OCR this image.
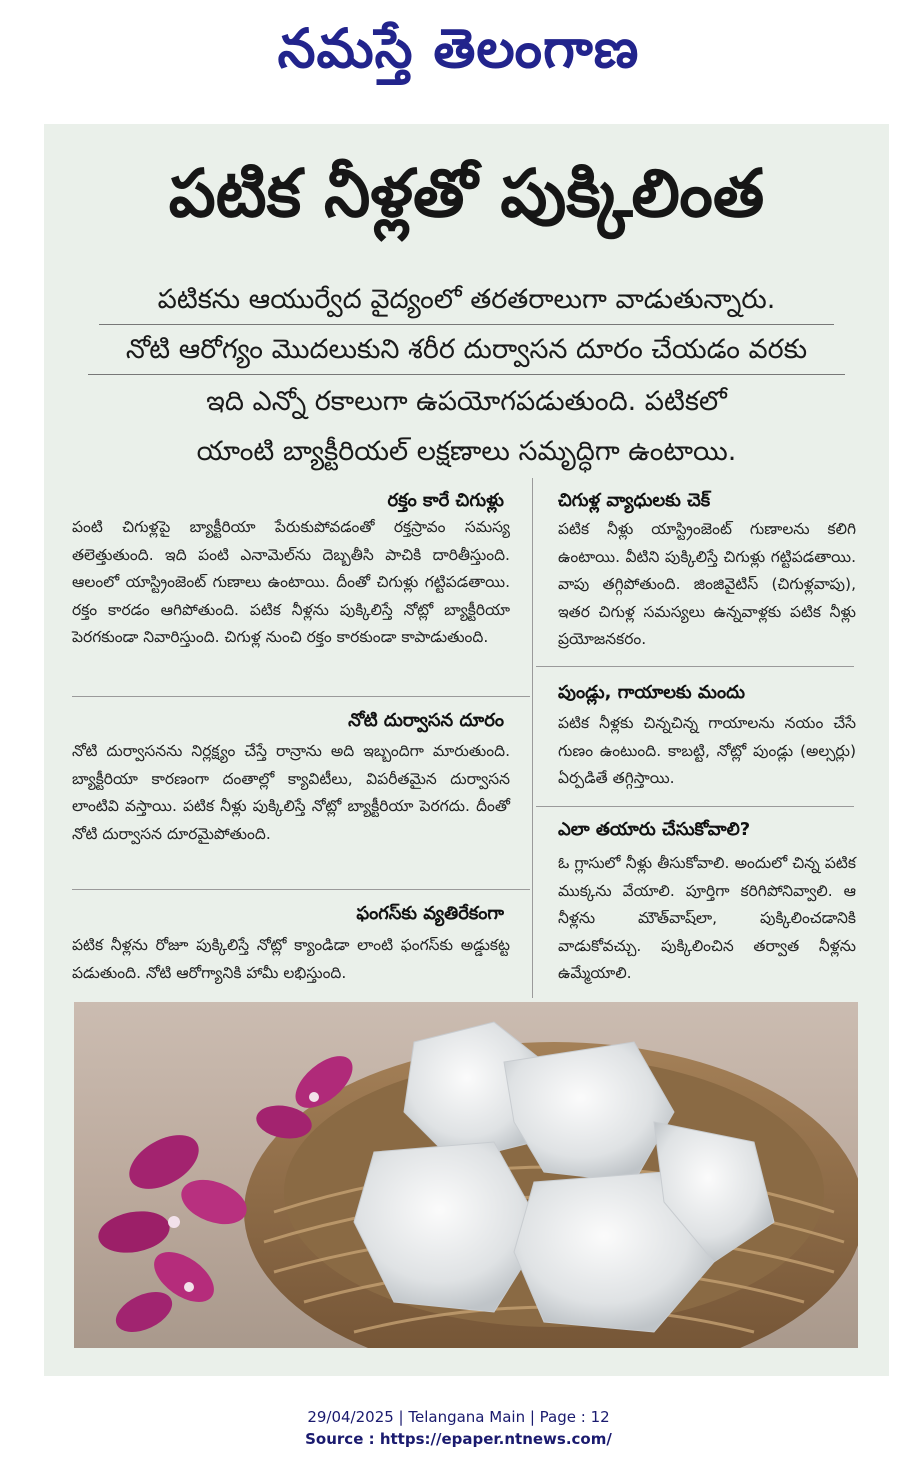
నమస్తే తెలంగాణ
పటిక నీళ్లతో పుక్కిలింత
పటికను ఆయుర్వేద వైద్యంలో తరతరాలుగా వాడుతున్నారు.
నోటి ఆరోగ్యం మొదలుకుని శరీర దుర్వాసన దూరం చేయడం వరకు
ఇది ఎన్నో రకాలుగా ఉపయోగపడుతుంది. పటికలో
యాంటి బ్యాక్టీరియల్ లక్షణాలు సమృద్ధిగా ఉంటాయి.
రక్తం కారే చిగుళ్లు
పంటి చిగుళ్లపై బ్యాక్టీరియా పేరుకుపోవడంతో రక్తస్రావం సమస్య తలెత్తుతుంది. ఇది పంటి ఎనామెల్‌ను దెబ్బతీసి పాచికి దారితీస్తుంది. ఆలంలో యాస్ట్రింజెంట్ గుణాలు ఉంటాయి. దీంతో చిగుళ్లు గట్టిపడతాయి. రక్తం కారడం ఆగిపోతుంది. పటిక నీళ్లను పుక్కిలిస్తే నోట్లో బ్యాక్టీరియా పెరగకుండా నివారిస్తుంది. చిగుళ్ల నుంచి రక్తం కారకుండా కాపాడుతుంది.
నోటి దుర్వాసన దూరం
నోటి దుర్వాసనను నిర్లక్ష్యం చేస్తే రాన్రాను అది ఇబ్బందిగా మారుతుంది. బ్యాక్టీరియా కారణంగా దంతాల్లో క్యావిటీలు, విపరీతమైన దుర్వాసన లాంటివి వస్తాయి. పటిక నీళ్లు పుక్కిలిస్తే నోట్లో బ్యాక్టీరియా పెరగదు. దీంతో నోటి దుర్వాసన దూరమైపోతుంది.
ఫంగస్‌కు వ్యతిరేకంగా
పటిక నీళ్లను రోజూ పుక్కిలిస్తే నోట్లో క్యాండిడా లాంటి ఫంగస్‌కు అడ్డుకట్ట పడుతుంది. నోటి ఆరోగ్యానికి హామీ లభిస్తుంది.
చిగుళ్ల వ్యాధులకు చెక్
పటిక నీళ్లు యాస్ట్రింజెంట్ గుణాలను కలిగి ఉంటాయి. వీటిని పుక్కిలిస్తే చిగుళ్లు గట్టిపడతాయి. వాపు తగ్గిపోతుంది. జింజివైటిస్ (చిగుళ్లవాపు), ఇతర చిగుళ్ల సమస్యలు ఉన్నవాళ్లకు పటిక నీళ్లు ప్రయోజనకరం.
పుండ్లు, గాయాలకు మందు
పటిక నీళ్లకు చిన్నచిన్న గాయాలను నయం చేసే గుణం ఉంటుంది. కాబట్టి, నోట్లో పుండ్లు (అల్సర్లు) ఏర్పడితే తగ్గిస్తాయి.
ఎలా తయారు చేసుకోవాలి?
ఓ గ్లాసులో నీళ్లు తీసుకోవాలి. అందులో చిన్న పటిక ముక్కను వేయాలి. పూర్తిగా కరిగిపోనివ్వాలి. ఆ నీళ్లను మౌత్‌వాష్‌లా, పుక్కిలించడానికి వాడుకోవచ్చు. పుక్కిలించిన తర్వాత నీళ్లను ఉమ్మేయాలి.
29/04/2025 | Telangana Main | Page : 12
Source : https://epaper.ntnews.com/
